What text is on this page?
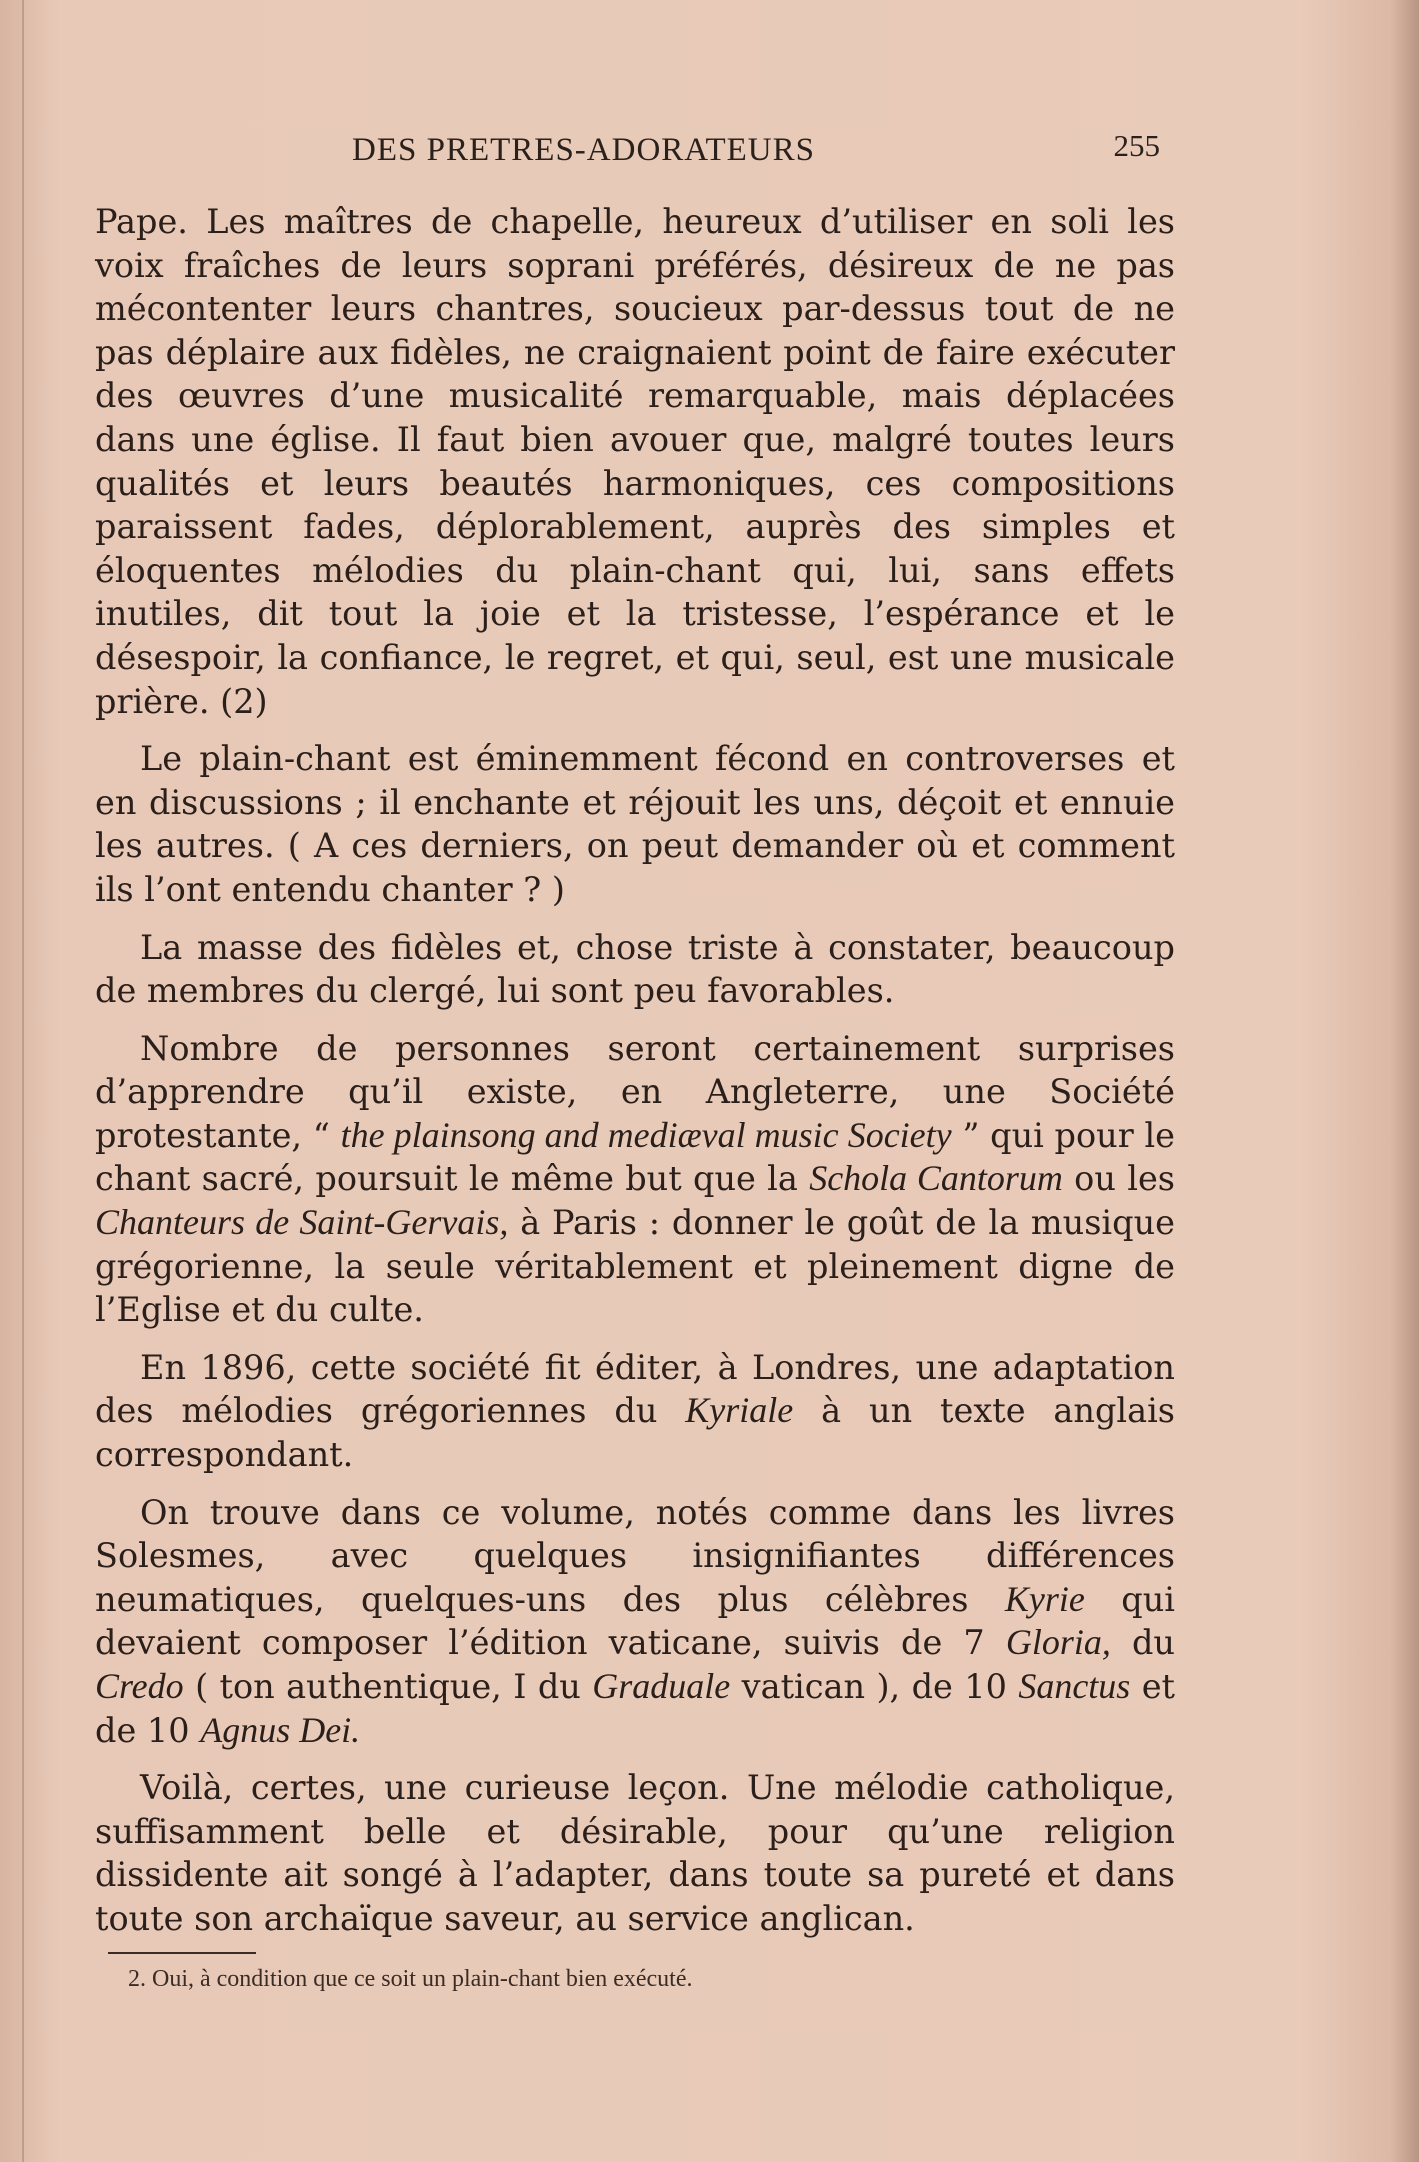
DES PRETRES-ADORATEURS	255

Pape. Les maîtres de chapelle, heureux d’utiliser en soli les voix fraîches de leurs soprani préférés, désireux de ne pas mécontenter leurs chantres, soucieux par-dessus tout de ne pas déplaire aux fidèles, ne craignaient point de faire exécuter des œuvres d’une musicalité remarquable, mais déplacées dans une église. Il faut bien avouer que, malgré toutes leurs qualités et leurs beautés harmoniques, ces compositions paraissent fades, déplorablement, auprès des simples et éloquentes mélodies du plain-chant qui, lui, sans effets inutiles, dit tout la joie et la tristesse, l’espérance et le désespoir, la confiance, le regret, et qui, seul, est une musicale prière. (2)

Le plain-chant est éminemment fécond en controverses et en discussions ; il enchante et réjouit les uns, déçoit et ennuie les autres. ( A ces derniers, on peut demander où et comment ils l’ont entendu chanter ? )

La masse des fidèles et, chose triste à constater, beaucoup de membres du clergé, lui sont peu favorables.

Nombre de personnes seront certainement surprises d’apprendre qu’il existe, en Angleterre, une Société protestante, “ the plainsong and mediæval music Society ” qui pour le chant sacré, poursuit le même but que la Schola Cantorum ou les Chanteurs de Saint-Gervais, à Paris : donner le goût de la musique grégorienne, la seule véritablement et pleinement digne de l’Eglise et du culte.

En 1896, cette société fit éditer, à Londres, une adaptation des mélodies grégoriennes du Kyriale à un texte anglais correspondant.

On trouve dans ce volume, notés comme dans les livres Solesmes, avec quelques insignifiantes différences neumatiques, quelques-uns des plus célèbres Kyrie qui devaient composer l’édition vaticane, suivis de 7 Gloria, du Credo ( ton authentique, I du Graduale vatican ), de 10 Sanctus et de 10 Agnus Dei.

Voilà, certes, une curieuse leçon. Une mélodie catholique, suffisamment belle et désirable, pour qu’une religion dissidente ait songé à l’adapter, dans toute sa pureté et dans toute son archaïque saveur, au service anglican.

2. Oui, à condition que ce soit un plain-chant bien exécuté.
